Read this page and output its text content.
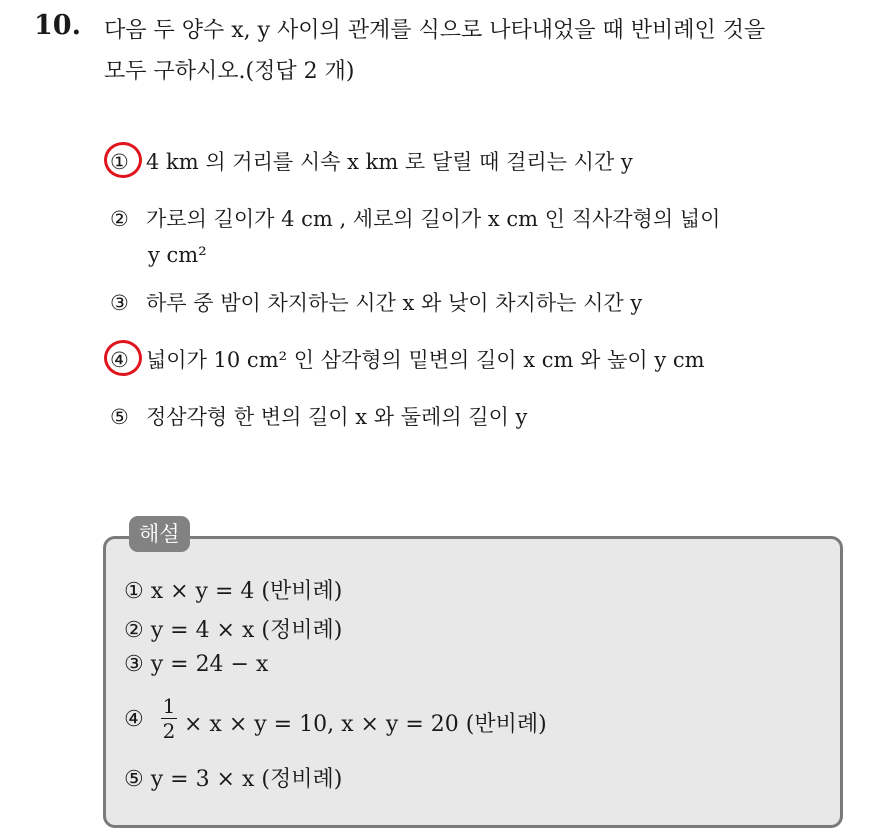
10. 다음 두 양수 x, y 사이의 관계를 식으로 나타내었을 때 반비례인 것을
모두 구하시오.(정답 2 개)
① 4 km 의 거리를 시속 x km 로 달릴 때 걸리는 시간 y
② 가로의 길이가 4 cm , 세로의 길이가 x cm 인 직사각형의 넓이
y cm²
③ 하루 중 밤이 차지하는 시간 x 와 낮이 차지하는 시간 y
④ 넓이가 10 cm² 인 삼각형의 밑변의 길이 x cm 와 높이 y cm
⑤ 정삼각형 한 변의 길이 x 와 둘레의 길이 y
해설
① x × y = 4 (반비례)
② y = 4 × x (정비례)
③ y = 24 − x
④
1
2 × x × y = 10, x × y = 20 (반비례)
⑤ y = 3 × x (정비례)
